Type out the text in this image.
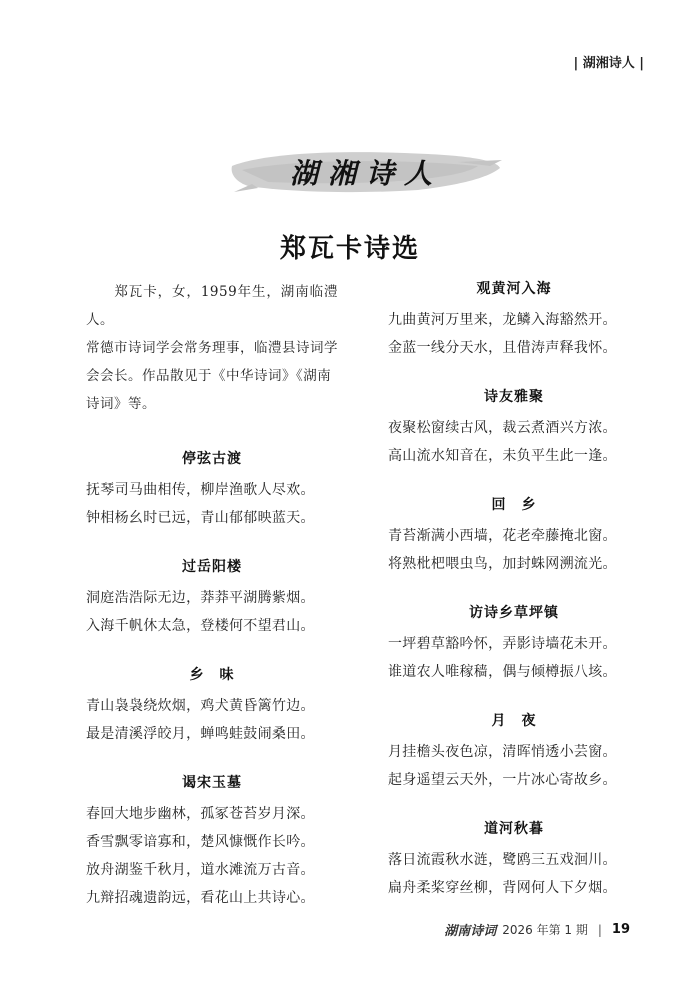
| 湖湘诗人 |
湖湘诗人
郑瓦卡诗选
郑瓦卡，女，1959年生，湖南临澧人。
常德市诗词学会常务理事，临澧县诗词学
会会长。作品散见于《中华诗词》《湖南
诗词》等。
停弦古渡
抚琴司马曲相传，柳岸渔歌人尽欢。
钟相杨幺时已远，青山郁郁映蓝天。
过岳阳楼
洞庭浩浩际无边，莽莽平湖腾紫烟。
入海千帆休太急，登楼何不望君山。
乡　味
青山袅袅绕炊烟，鸡犬黄昏篱竹边。
最是清溪浮皎月，蝉鸣蛙鼓闹桑田。
谒宋玉墓
春回大地步幽林，孤冢苍苔岁月深。
香雪飘零谙寡和，楚风慷慨作长吟。
放舟湖鉴千秋月，道水滩流万古音。
九辩招魂遗韵远，看花山上共诗心。
观黄河入海
九曲黄河万里来，龙鳞入海豁然开。
金蓝一线分天水，且借涛声释我怀。
诗友雅聚
夜聚松窗续古风，裁云煮酒兴方浓。
高山流水知音在，未负平生此一逢。
回　乡
青苔渐满小西墙，花老牵藤掩北窗。
将熟枇杷喂虫鸟，加封蛛网溯流光。
访诗乡草坪镇
一坪碧草豁吟怀，弄影诗墙花未开。
谁道农人唯稼穑，偶与倾樽振八垓。
月　夜
月挂檐头夜色凉，清晖悄透小芸窗。
起身遥望云天外，一片冰心寄故乡。
道河秋暮
落日流霞秋水涟，鹭鸥三五戏洄川。
扁舟柔桨穿丝柳，背网何人下夕烟。
湖南诗词 2026 年第 1 期 | 19
